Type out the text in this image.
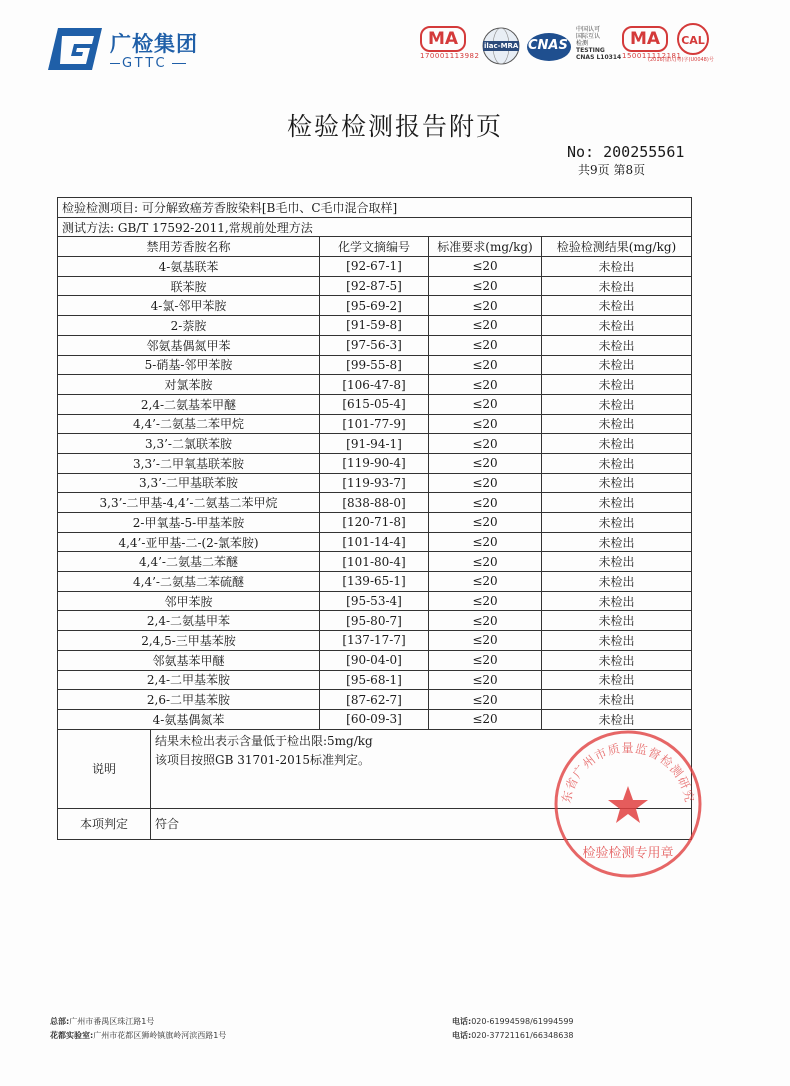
广检集团
GTTC
MA
170001113982
ilac-MRA CNAS
中国认可
国际互认
检测
TESTING
CNAS L10314
MA
150011112181
CAL
(2016)量认(粤)字(U0048)号
检验检测报告附页
No: 200255561
共9页 第8页
检验检测项目: 可分解致癌芳香胺染料[B毛巾、C毛巾混合取样]				
测试方法: GB/T 17592-2011,常规前处理方法				
禁用芳香胺名称		化学文摘编号	标准要求(mg/kg)	检验检测结果(mg/kg)
4-氨基联苯		[92-67-1]	≤20	未检出
联苯胺		[92-87-5]	≤20	未检出
4-氯-邻甲苯胺		[95-69-2]	≤20	未检出
2-萘胺		[91-59-8]	≤20	未检出
邻氨基偶氮甲苯		[97-56-3]	≤20	未检出
5-硝基-邻甲苯胺		[99-55-8]	≤20	未检出
对氯苯胺		[106-47-8]	≤20	未检出
2,4-二氨基苯甲醚		[615-05-4]	≤20	未检出
4,4’-二氨基二苯甲烷		[101-77-9]	≤20	未检出
3,3’-二氯联苯胺		[91-94-1]	≤20	未检出
3,3’-二甲氧基联苯胺		[119-90-4]	≤20	未检出
3,3’-二甲基联苯胺		[119-93-7]	≤20	未检出
3,3’-二甲基-4,4’-二氨基二苯甲烷		[838-88-0]	≤20	未检出
2-甲氧基-5-甲基苯胺		[120-71-8]	≤20	未检出
4,4’-亚甲基-二-(2-氯苯胺)		[101-14-4]	≤20	未检出
4,4’-二氨基二苯醚		[101-80-4]	≤20	未检出
4,4’-二氨基二苯硫醚		[139-65-1]	≤20	未检出
邻甲苯胺		[95-53-4]	≤20	未检出
2,4-二氨基甲苯		[95-80-7]	≤20	未检出
2,4,5-三甲基苯胺		[137-17-7]	≤20	未检出
邻氨基苯甲醚		[90-04-0]	≤20	未检出
2,4-二甲基苯胺		[95-68-1]	≤20	未检出
2,6-二甲基苯胺		[87-62-7]	≤20	未检出
4-氨基偶氮苯		[60-09-3]	≤20	未检出
说明	结果未检出表示含量低于检出限:5mg/kg
该项目按照GB 31701-2015标准判定。			

本项判定	符合			
东省广州市质量监督检测研究
检验检测专用章
总部:广州市番禺区珠江路1号
花都实验室:广州市花都区狮岭镇旗岭河滨西路1号
电话:020-61994598/61994599
电话:020-37721161/66348638
